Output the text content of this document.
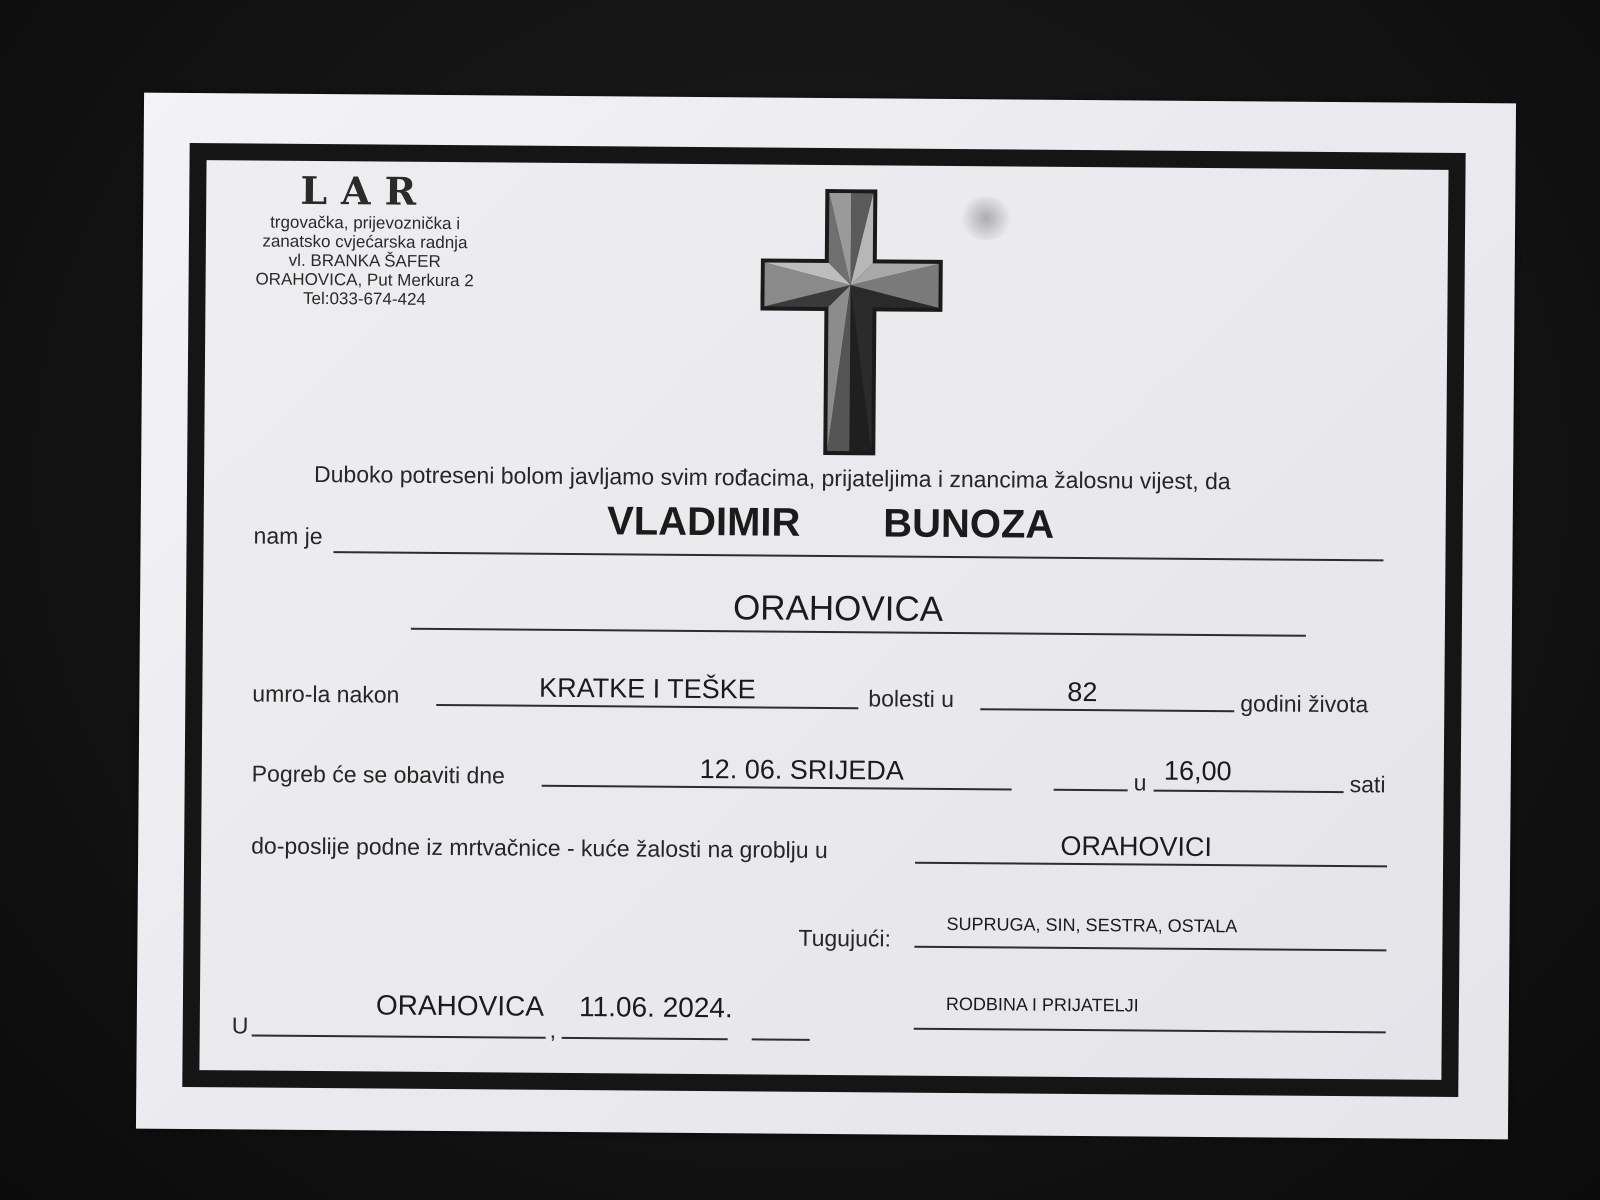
LAR
trgovačka, prijevoznička i
zanatsko cvjećarska radnja
vl. BRANKA ŠAFER
ORAHOVICA, Put Merkura 2
Tel:033-674-424
Duboko potreseni bolom javljamo svim rođacima, prijateljima i znancima žalosnu vijest, da
nam je	VLADIMIR	BUNOZA
ORAHOVICA
umro-la nakon	KRATKE I TEŠKE	bolesti u	82	godini života
Pogreb će se obaviti dne	12. 06. SRIJEDA	u 16,00	sati
do-poslije podne iz mrtvačnice - kuće žalosti na groblju u	ORAHOVICI
Tugujući:	SUPRUGA, SIN, SESTRA, OSTALA
RODBINA I PRIJATELJI
U
ORAHOVICA
,
11.06. 2024.
